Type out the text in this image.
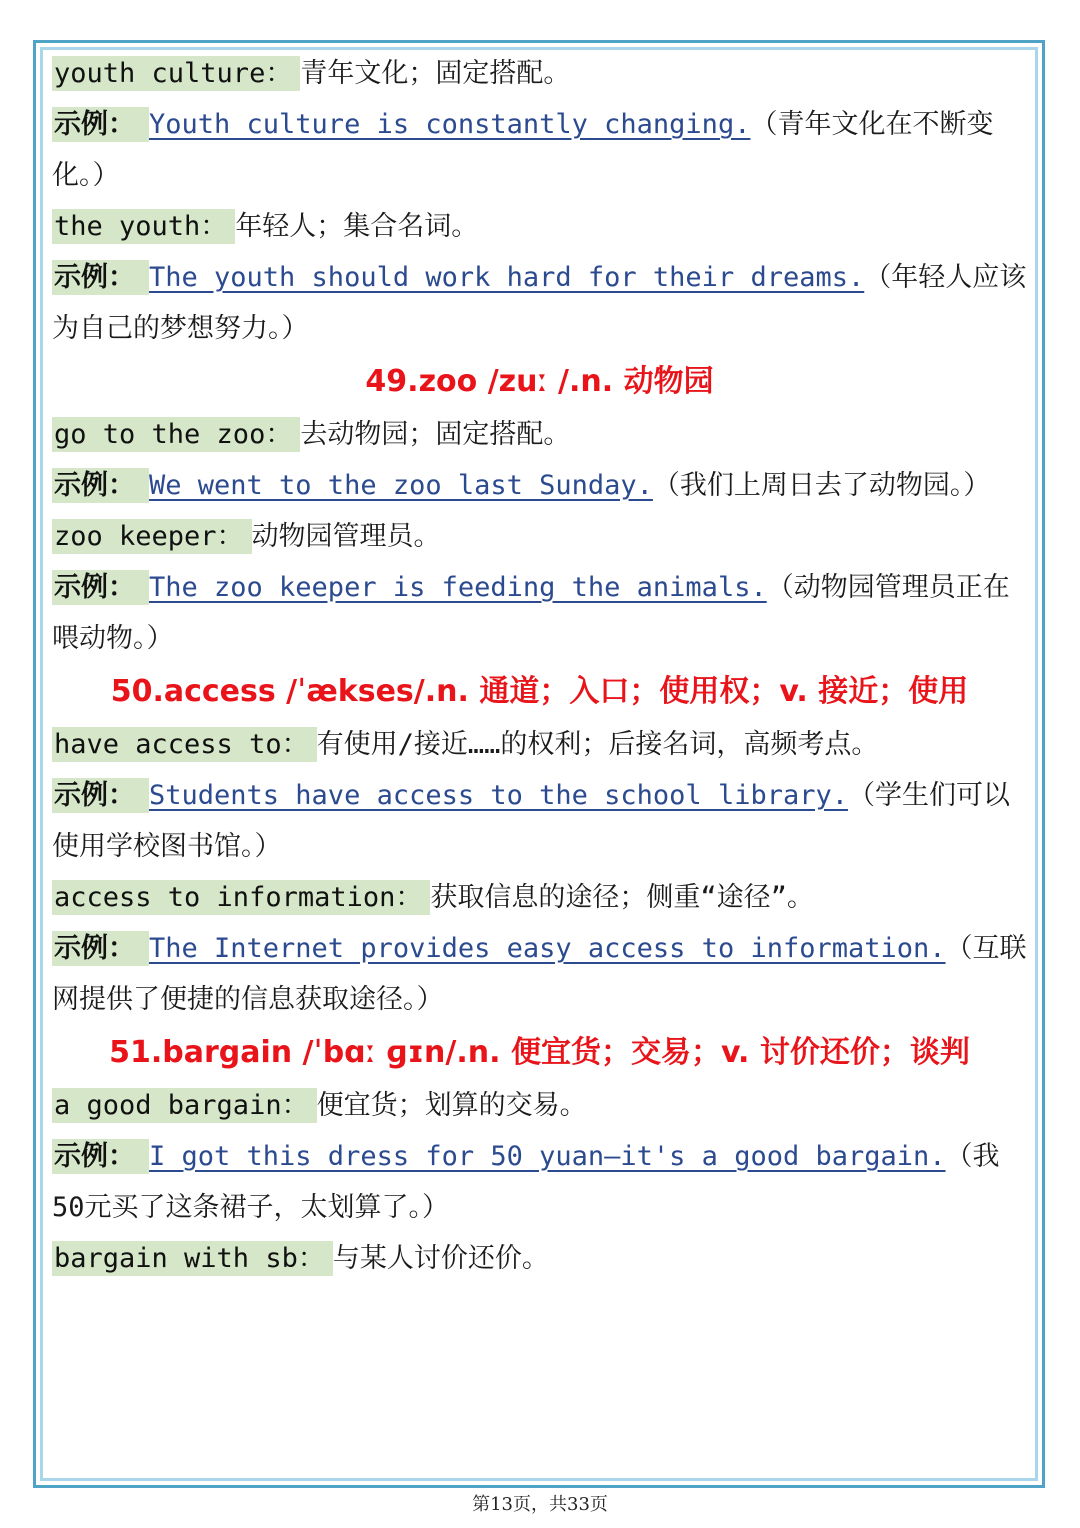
youth culture： 青年文化；固定搭配。

示例： Youth culture is constantly changing.（青年文化在不断变化。）

the youth： 年轻人；集合名词。

示例： The youth should work hard for their dreams.（年轻人应该为自己的梦想努力。）

49.zoo /zuː /.n. 动物园

go to the zoo： 去动物园；固定搭配。

示例： We went to the zoo last Sunday.（我们上周日去了动物园。）

zoo keeper： 动物园管理员。

示例： The zoo keeper is feeding the animals.（动物园管理员正在喂动物。）

50.access /ˈækses/.n. 通道；入口；使用权；v. 接近；使用

have access to： 有使用/接近……的权利；后接名词，高频考点。

示例： Students have access to the school library.（学生们可以使用学校图书馆。）

access to information： 获取信息的途径；侧重“途径”。

示例： The Internet provides easy access to information.（互联网提供了便捷的信息获取途径。）

51.bargain /ˈbɑː ɡɪn/.n. 便宜货；交易；v. 讨价还价；谈判

a good bargain： 便宜货；划算的交易。

示例： I got this dress for 50 yuan—it's a good bargain.（我50元买了这条裙子，太划算了。）

bargain with sb： 与某人讨价还价。

第13页，共33页
